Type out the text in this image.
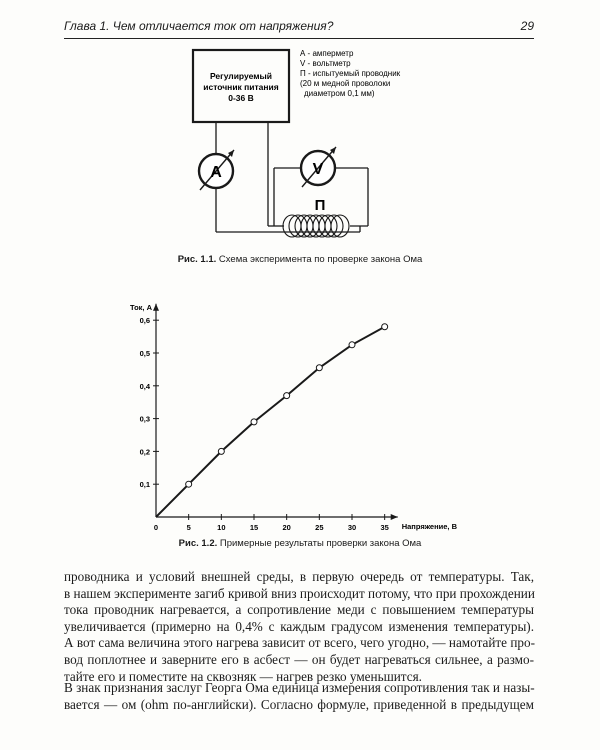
Глава 1. Чем отличается ток от напряжения?	29
A	V
П
Регулируемый
источник питания
0-36 В
А - амперметр
V - вольтметр
П - испытуемый проводник
(20 м медной проволоки
диаметром 0,1 мм)
Рис. 1.1. Схема эксперимента по проверке закона Ома
Ток, А
Напряжение, В
0	5	10	15	20	25	30	35
0,1
0,2
0,3
0,4
0,5
0,6
Рис. 1.2. Примерные результаты проверки закона Ома
проводника и условий внешней среды, в первую очередь от температуры. Так,
в нашем эксперименте загиб кривой вниз происходит потому, что при прохождении
тока проводник нагревается, а сопротивление меди с повышением температуры
увеличивается (примерно на 0,4% с каждым градусом изменения температуры).
А вот сама величина этого нагрева зависит от всего, чего угодно, — намотайте про-
вод поплотнее и заверните его в асбест — он будет нагреваться сильнее, а размо-
тайте его и поместите на сквозняк — нагрев резко уменьшится.
В знак признания заслуг Георга Ома единица измерения сопротивления так и назы-
вается — ом (ohm по-английски). Согласно формуле, приведенной в предыдущем
